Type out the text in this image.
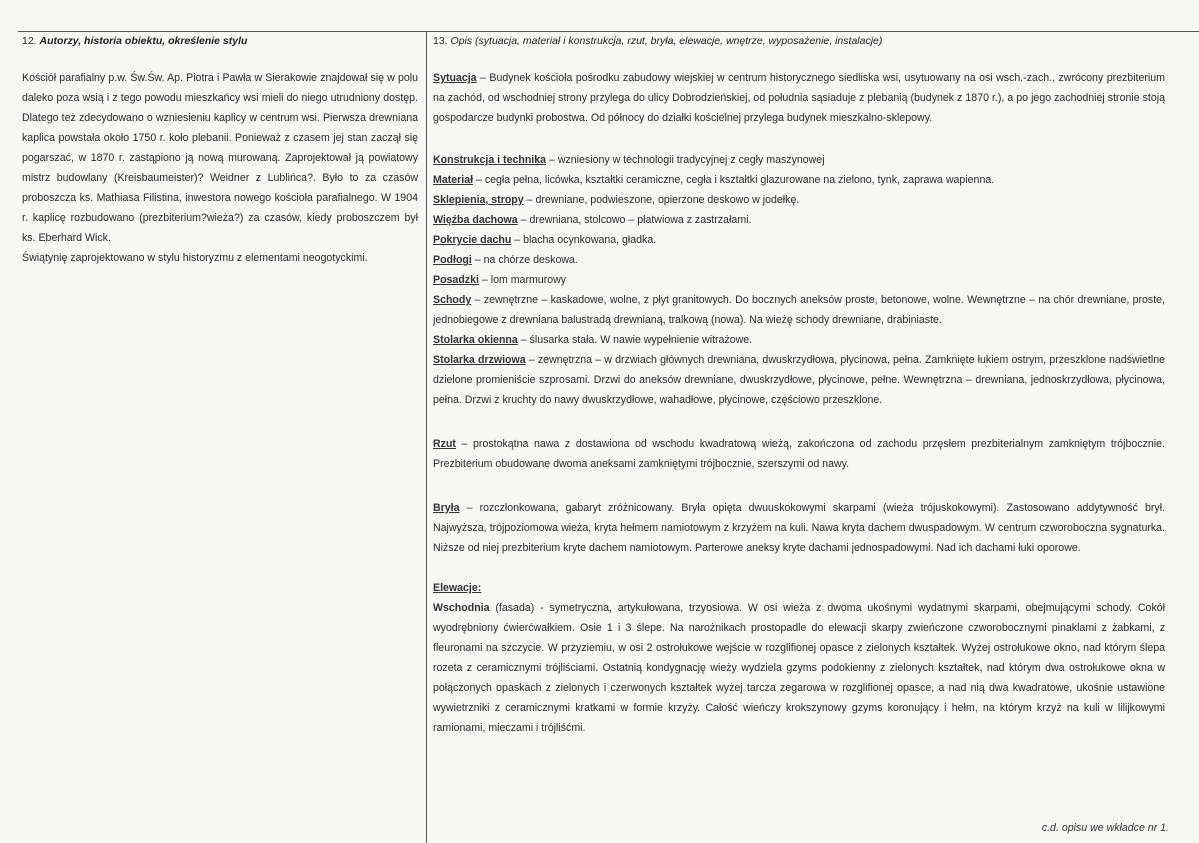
12. Autorzy, historia obiektu, określenie stylu

Kościół parafialny p.w. Św.Św. Ap. Piotra i Pawła w Sierakowie znajdował się w polu daleko poza wsią i z tego powodu mieszkańcy wsi mieli do niego utrudniony dostęp. Dlatego też zdecydowano o wzniesieniu kaplicy w centrum wsi. Pierwsza drewniana kaplica powstała około 1750 r. koło plebanii. Ponieważ z czasem jej stan zaczął się pogarszać, w 1870 r. zastąpiono ją nową murowaną. Zaprojektował ją powiatowy mistrz budowlany (Kreisbaumeister)? Weidner z Lublińca?. Było to za czasów proboszcza ks. Mathiasa Filistina, inwestora nowego kościoła parafialnego. W 1904 r. kaplicę rozbudowano (prezbiterium?wieża?) za czasów, kiedy proboszczem był ks. Eberhard Wick.

Świątynię zaprojektowano w stylu historyzmu z elementami neogotyckimi.

13. Opis (sytuacja, materiał i konstrukcja, rzut, bryła, elewacje, wnętrze, wyposażenie, instalacje)

Sytuacja – Budynek kościoła pośrodku zabudowy wiejskiej w centrum historycznego siedliska wsi, usytuowany na osi wsch.-zach., zwrócony prezbiterium na zachód, od wschodniej strony przylega do ulicy Dobrodzieńskiej, od południa sąsiaduje z plebanią (budynek z 1870 r.), a po jego zachodniej stronie stoją gospodarcze budynki probostwa. Od północy do działki kościelnej przylega budynek mieszkalno-sklepowy.

Konstrukcja i technika – wzniesiony w technologii tradycyjnej z cegły maszynowej

Materiał – cegła pełna, licówka, kształtki ceramiczne, cegła i kształtki glazurowane na zielono, tynk, zaprawa wapienna.

Sklepienia, stropy – drewniane, podwieszone, opierzone deskowo w jodełkę.

Więźba dachowa – drewniana, stolcowo – płatwiowa z zastrzałami.

Pokrycie dachu – blacha ocynkowana, gładka.

Podłogi – na chórze deskowa.

Posadzki – lom marmurowy

Schody – zewnętrzne – kaskadowe, wolne, z płyt granitowych. Do bocznych aneksów proste, betonowe, wolne. Wewnętrzne – na chór drewniane, proste, jednobiegowe z drewniana balustradą drewnianą, tralkową (nowa). Na wieżę schody drewniane, drabiniaste.

Stolarka okienna – ślusarka stała. W nawie wypełnienie witrażowe.

Stolarka drzwiowa – zewnętrzna – w drzwiach głównych drewniana, dwuskrzydłowa, płycinowa, pełna. Zamknięte łukiem ostrym, przeszklone nadświetlne dzielone promieniście szprosami. Drzwi do aneksów drewniane, dwuskrzydłowe, płycinowe, pełne. Wewnętrzna – drewniana, jednoskrzydłowa, płycinowa, pełna. Drzwi z kruchty do nawy dwuskrzydłowe, wahadłowe, płycinowe, częściowo przeszklone.

Rzut – prostokątna nawa z dostawiona od wschodu kwadratową wieżą, zakończona od zachodu przęsłem prezbiterialnym zamkniętym trójbocznie. Prezbiterium obudowane dwoma aneksami zamkniętymi trójbocznie, szerszymi od nawy.

Bryła – rozczłonkowana, gabaryt zróżnicowany. Bryła opięta dwuuskokowymi skarpami (wieża trójuskokowymi). Zastosowano addytywność brył. Najwyższa, trójpoziomowa wieża, kryta hełmem namiotowym z krzyżem na kuli. Nawa kryta dachem dwuspadowym. W centrum czworoboczna sygnaturka. Niższe od niej prezbiterium kryte dachem namiotowym. Parterowe aneksy kryte dachami jednospadowymi. Nad ich dachami łuki oporowe.

Elewacje:

Wschodnia (fasada) - symetryczna, artykułowana, trzyosiowa. W osi wieża z dwoma ukośnymi wydatnymi skarpami, obejmującymi schody. Cokół wyodrębniony ćwierćwałkiem. Osie 1 i 3 ślepe. Na narożnikach prostopadle do elewacji skarpy zwieńczone czworobocznymi pinaklami z żabkami, z fleuronami na szczycie. W przyziemiu, w osi 2 ostrołukowe wejście w rozglifionej opasce z zielonych kształtek. Wyżej ostrołukowe okno, nad którym ślepa rozeta z ceramicznymi trójliściami. Ostatnią kondygnację wieży wydziela gzyms podokienny z zielonych kształtek, nad którym dwa ostrołukowe okna w połączonych opaskach z zielonych i czerwonych kształtek wyżej tarcza zegarowa w rozglifionej opasce, a nad nią dwa kwadratowe, ukośnie ustawione wywietrzniki z ceramicznymi kratkami w formie krzyży. Całość wieńczy krokszynowy gzyms koronujący i hełm, na którym krzyż na kuli w lilijkowymi ramionami, mieczami i trójliśćmi.

c.d. opisu we wkładce nr 1.
